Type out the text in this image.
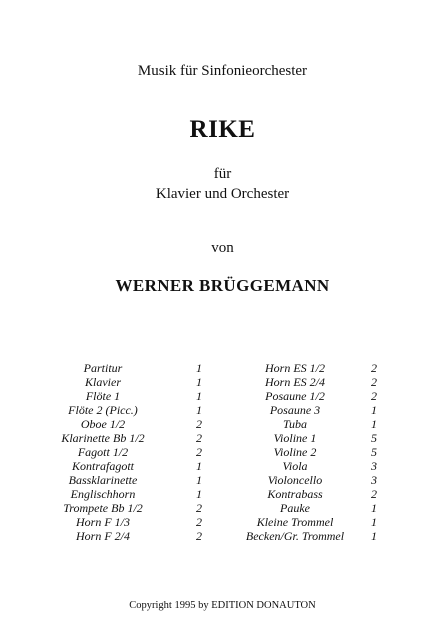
Musik für Sinfonieorchester
RIKE
für
Klavier und Orchester
von
WERNER BRÜGGEMANN
Partitur	1	Horn ES 1/2	2
Klavier	1	Horn ES 2/4	2
Flöte 1	1	Posaune 1/2	2
Flöte 2 (Picc.)	1	Posaune 3	1
Oboe 1/2	2	Tuba	1
Klarinette Bb 1/2	2	Violine 1	5
Fagott 1/2	2	Violine 2	5
Kontrafagott	1	Viola	3
Bassklarinette	1	Violoncello	3
Englischhorn	1	Kontrabass	2
Trompete Bb 1/2	2	Pauke	1
Horn F 1/3	2	Kleine Trommel	1
Horn F 2/4	2	Becken/Gr. Trommel	1
Copyright 1995 by EDITION DONAUTON
